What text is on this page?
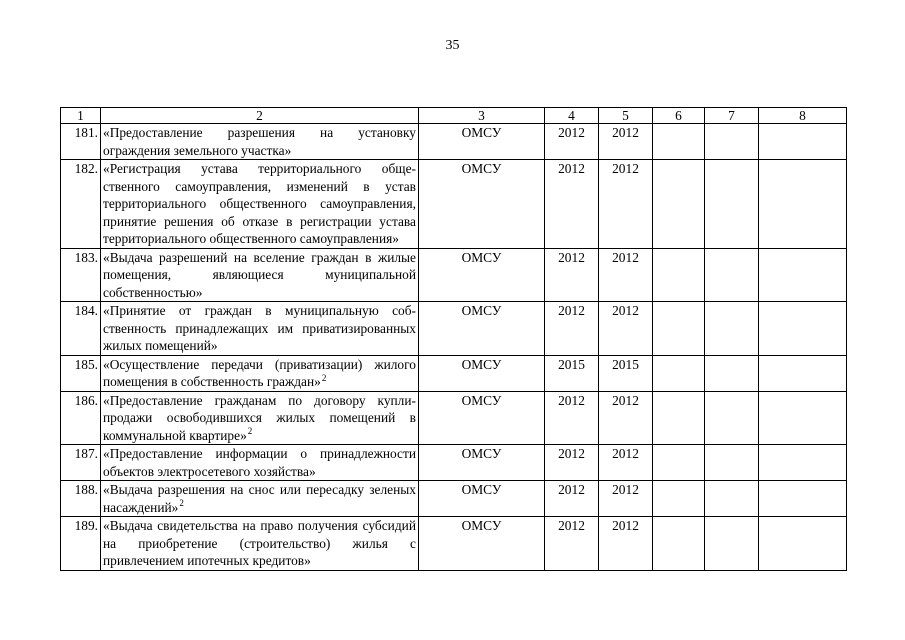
35
1	2	3	4	5	6	7	8
181.	«Предоставление разрешения на установку ограждения земельного участка»	ОМСУ	2012	2012			
182.	«Регистрация устава территориального общественного самоуправления, изменений в устав территориального общественного самоуправления, принятие решения об отказе в регистрации устава территориального общественного самоуправления»	ОМСУ	2012	2012			
183.	«Выдача разрешений на вселение граждан в жилые помещения, являющиеся муниципальной собственностью»	ОМСУ	2012	2012			
184.	«Принятие от граждан в муниципальную собственность принадлежащих им приватизированных жилых помещений»	ОМСУ	2012	2012			
185.	«Осуществление передачи (приватизации) жилого помещения в собственность граждан»$^2$	ОМСУ	2015	2015			
186.	«Предоставление гражданам по договору купли-продажи освободившихся жилых помещений в коммунальной квартире»$^2$	ОМСУ	2012	2012			
187.	«Предоставление информации о принадлежности объектов электросетевого хозяйства»	ОМСУ	2012	2012			
188.	«Выдача разрешения на снос или пересадку зеленых насаждений»$^2$	ОМСУ	2012	2012			
189.	«Выдача свидетельства на право получения субсидий на приобретение (строительство) жилья с привлечением ипотечных кредитов»	ОМСУ	2012	2012			
